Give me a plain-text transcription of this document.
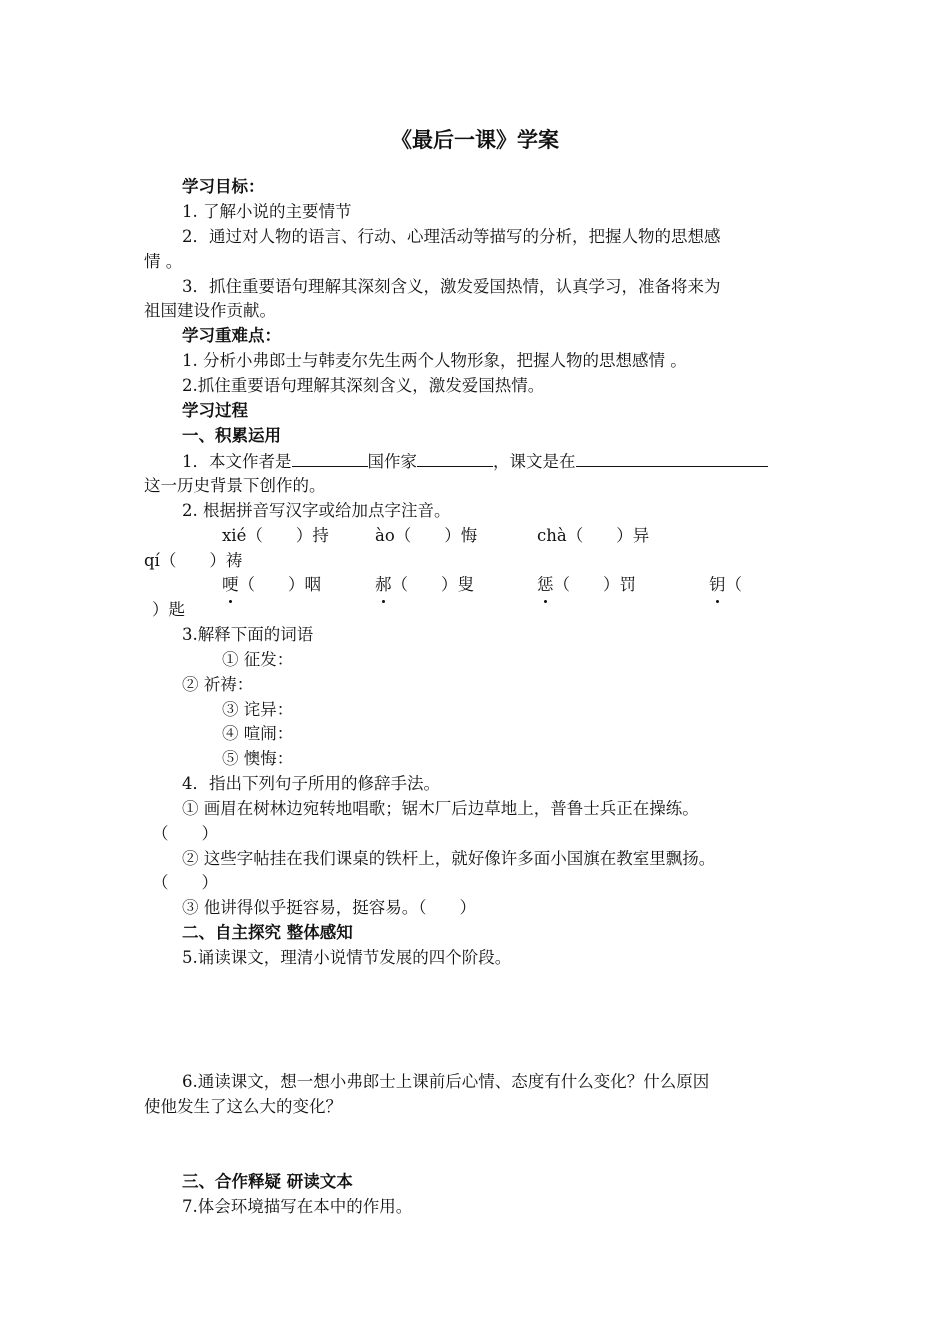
《最后一课》学案
学习目标：
1. 了解小说的主要情节
2．通过对人物的语言、行动、心理活动等描写的分析，把握人物的思想感
情 。
3．抓住重要语句理解其深刻含义，激发爱国热情，认真学习，准备将来为
祖国建设作贡献。
学习重难点：
1. 分析小弗郎士与韩麦尔先生两个人物形象，把握人物的思想感情 。
2.抓住重要语句理解其深刻含义，激发爱国热情。
学习过程
一、积累运用
1．本文作者是	国作家	，课文是在
这一历史背景下创作的。
2. 根据拼音写汉字或给加点字注音。
xié（　　）持	ào（　　）悔	chà（　　）异
qí（　　）祷
哽（　　）咽	郝（　　）叟	惩（　　）罚	钥（
）匙
3.解释下面的词语
① 征发：
② 祈祷：
③ 诧异：
④ 喧闹：
⑤ 懊悔：
4．指出下列句子所用的修辞手法。
① 画眉在树林边宛转地唱歌；锯木厂后边草地上，普鲁士兵正在操练。
（　　）
② 这些字帖挂在我们课桌的铁杆上，就好像许多面小国旗在教室里飘扬。
（　　）
③ 他讲得似乎挺容易，挺容易。（　　）
二、自主探究 整体感知
5.诵读课文，理清小说情节发展的四个阶段。
6.通读课文，想一想小弗郎士上课前后心情、态度有什么变化？什么原因
使他发生了这么大的变化？
三、合作释疑 研读文本
7.体会环境描写在本中的作用。
